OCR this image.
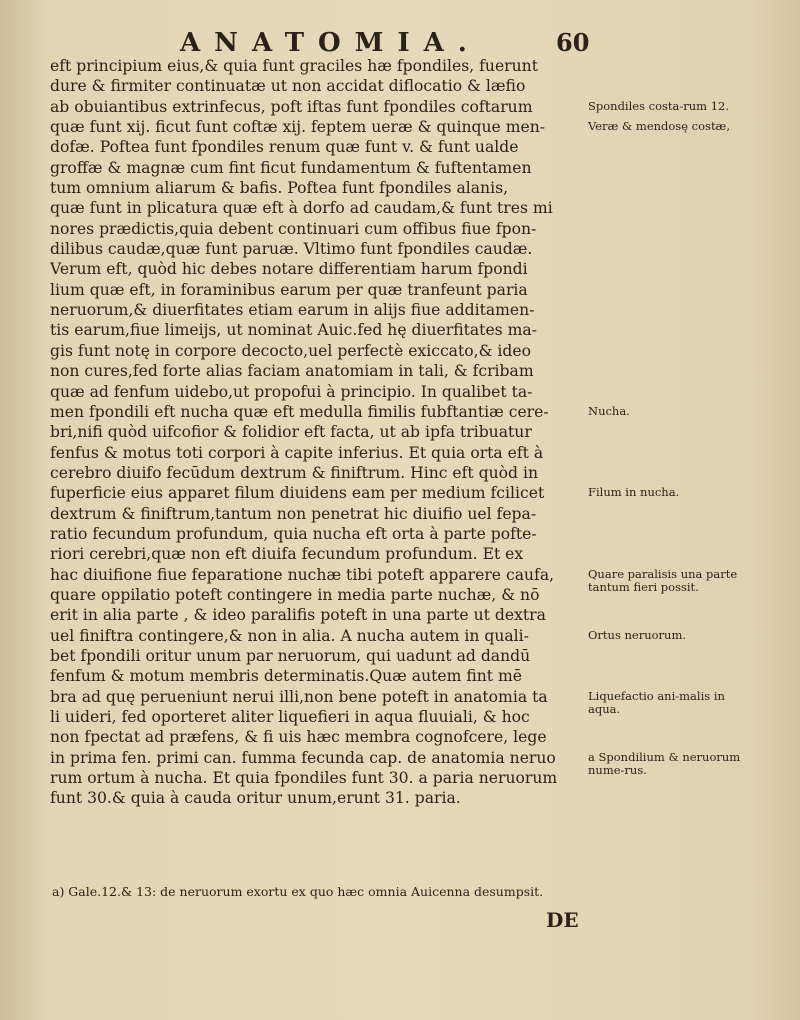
ANATOMIA.	60
eft principium eius,& quia funt graciles hæ fpondiles, fuerunt
dure & firmiter continuatæ ut non accidat diflocatio & læfio
ab obuiantibus extrinfecus, poft iftas funt fpondiles coftarum
quæ funt xij. ficut funt coftæ xij. feptem ueræ & quinque men-
dofæ. Poftea funt fpondiles renum quæ funt v. & funt ualde
groffæ & magnæ cum fint ficut fundamentum & fuftentamen
tum omnium aliarum & bafis. Poftea funt fpondiles alanis,
quæ funt in plicatura quæ eft à dorfo ad caudam,& funt tres mi
nores prædictis,quia debent continuari cum offibus fiue fpon-
dilibus caudæ,quæ funt paruæ. Vltimo funt fpondiles caudæ.
Verum eft, quòd hic debes notare differentiam harum fpondi
lium quæ eft, in foraminibus earum per quæ tranfeunt paria
neruorum,& diuerfitates etiam earum in alijs fiue additamen-
tis earum,fiue limeijs, ut nominat Auic.fed hę diuerfitates ma-
gis funt notę in corpore decocto,uel perfectè exiccato,& ideo
non cures,fed forte alias faciam anatomiam in tali, & fcribam
quæ ad fenfum uidebo,ut propofui à principio. In qualibet ta-
men fpondili eft nucha quæ eft medulla fimilis fubftantiæ cere-
bri,nifi quòd uifcofior & folidior eft facta, ut ab ipfa tribuatur
fenfus & motus toti corpori à capite inferius. Et quia orta eft à
cerebro diuifo fecūdum dextrum & finiftrum. Hinc eft quòd in
fuperficie eius apparet filum diuidens eam per medium fcilicet
dextrum & finiftrum,tantum non penetrat hic diuifio uel fepa-
ratio fecundum profundum, quia nucha eft orta à parte pofte-
riori cerebri,quæ non eft diuifa fecundum profundum. Et ex
hac diuifione fiue feparatione nuchæ tibi poteft apparere caufa,
quare oppilatio poteft contingere in media parte nuchæ, & nō
erit in alia parte , & ideo paralifis poteft in una parte ut dextra
uel finiftra contingere,& non in alia. A nucha autem in quali-
bet fpondili oritur unum par neruorum, qui uadunt ad dandū
fenfum & motum membris determinatis.Quæ autem fint mē
bra ad quę perueniunt nerui illi,non bene poteft in anatomia ta
li uideri, fed oporteret aliter liquefieri in aqua fluuiali, & hoc
non fpectat ad præfens, & fi uis hæc membra cognofcere, lege
in prima fen. primi can. fumma fecunda cap. de anatomia neruo
rum ortum à nucha. Et quia fpondiles funt 30. a paria neruorum
funt 30.& quia à cauda oritur unum,erunt 31. paria.
Spondiles costa-rum 12.
Veræ & mendosę costæ,
Nucha.
Filum in nucha.
Quare paralisis una parte tantum fieri possit.
Ortus neruorum.
Liquefactio ani-malis in aqua.
a Spondilium & neruorum nume-rus.
a) Gale.12.& 13: de neruorum exortu ex quo hæc omnia Auicenna desumpsit.
DE
